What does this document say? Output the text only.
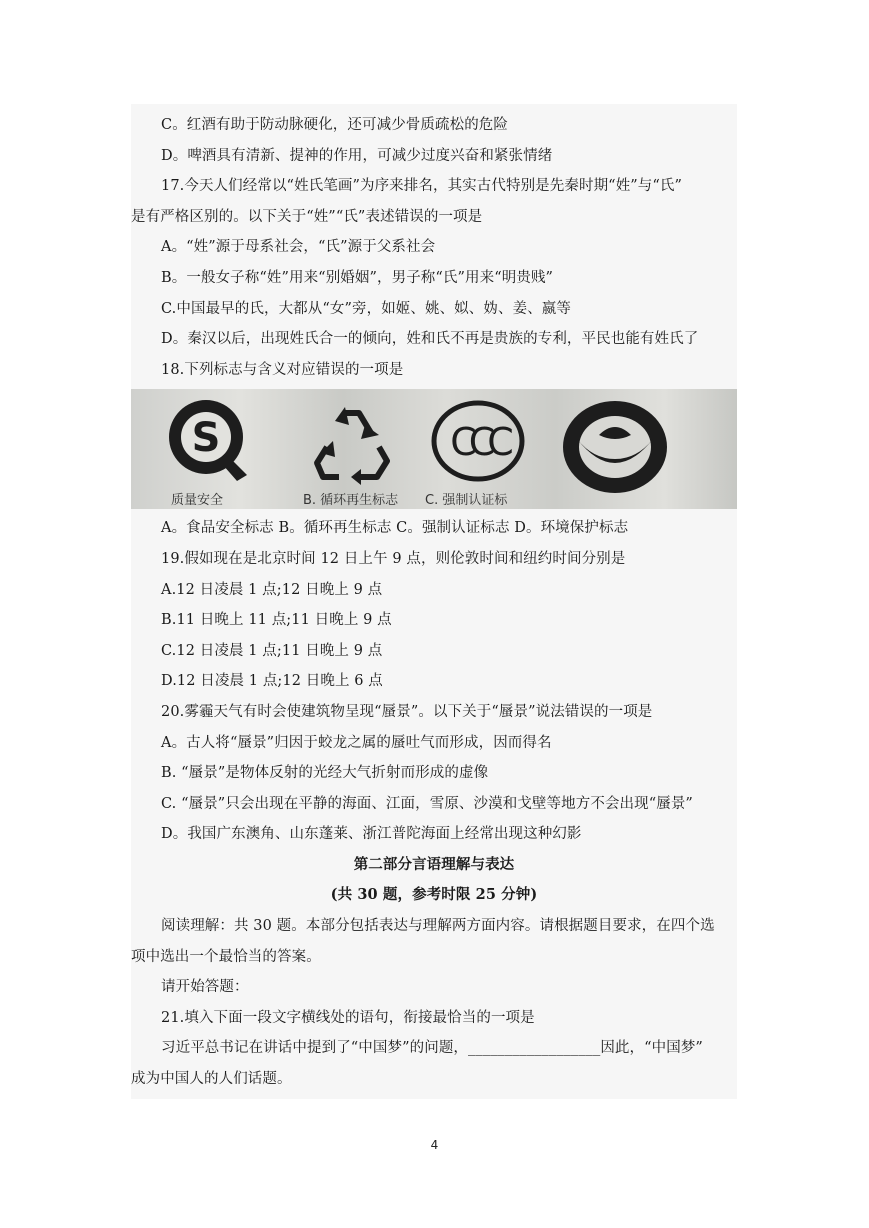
C。红酒有助于防动脉硬化，还可减少骨质疏松的危险
D。啤酒具有清新、提神的作用，可减少过度兴奋和紧张情绪
17.今天人们经常以“姓氏笔画”为序来排名，其实古代特别是先秦时期“姓”与“氏”
是有严格区别的。以下关于“姓”“氏”表述错误的一项是
A。“姓”源于母系社会，“氏”源于父系社会
B。一般女子称“姓”用来“别婚姻”，男子称“氏”用来“明贵贱”
C.中国最早的氏，大都从“女”旁，如姬、姚、姒、妫、姜、嬴等
D。秦汉以后，出现姓氏合一的倾向，姓和氏不再是贵族的专利，平民也能有姓氏了
18.下列标志与含义对应错误的一项是
S
质量安全	B. 循环再生标志
CCC
C. 强制认证标
A。食品安全标志 B。循环再生标志 C。强制认证标志 D。环境保护标志
19.假如现在是北京时间 12 日上午 9 点，则伦敦时间和纽约时间分别是
A.12 日凌晨 1 点;12 日晚上 9 点
B.11 日晚上 11 点;11 日晚上 9 点
C.12 日凌晨 1 点;11 日晚上 9 点
D.12 日凌晨 1 点;12 日晚上 6 点
20.雾霾天气有时会使建筑物呈现“蜃景”。以下关于“蜃景”说法错误的一项是
A。古人将“蜃景”归因于蛟龙之属的蜃吐气而形成，因而得名
B. “蜃景”是物体反射的光经大气折射而形成的虚像
C. “蜃景”只会出现在平静的海面、江面，雪原、沙漠和戈壁等地方不会出现“蜃景”
D。我国广东澳角、山东蓬莱、浙江普陀海面上经常出现这种幻影
第二部分言语理解与表达
(共 30 题，参考时限 25 分钟)
阅读理解：共 30 题。本部分包括表达与理解两方面内容。请根据题目要求，在四个选
项中选出一个最恰当的答案。
请开始答题：
21.填入下面一段文字横线处的语句，衔接最恰当的一项是
习近平总书记在讲话中提到了“中国梦”的问题，__________________因此，“中国梦”
成为中国人的人们话题。
4
